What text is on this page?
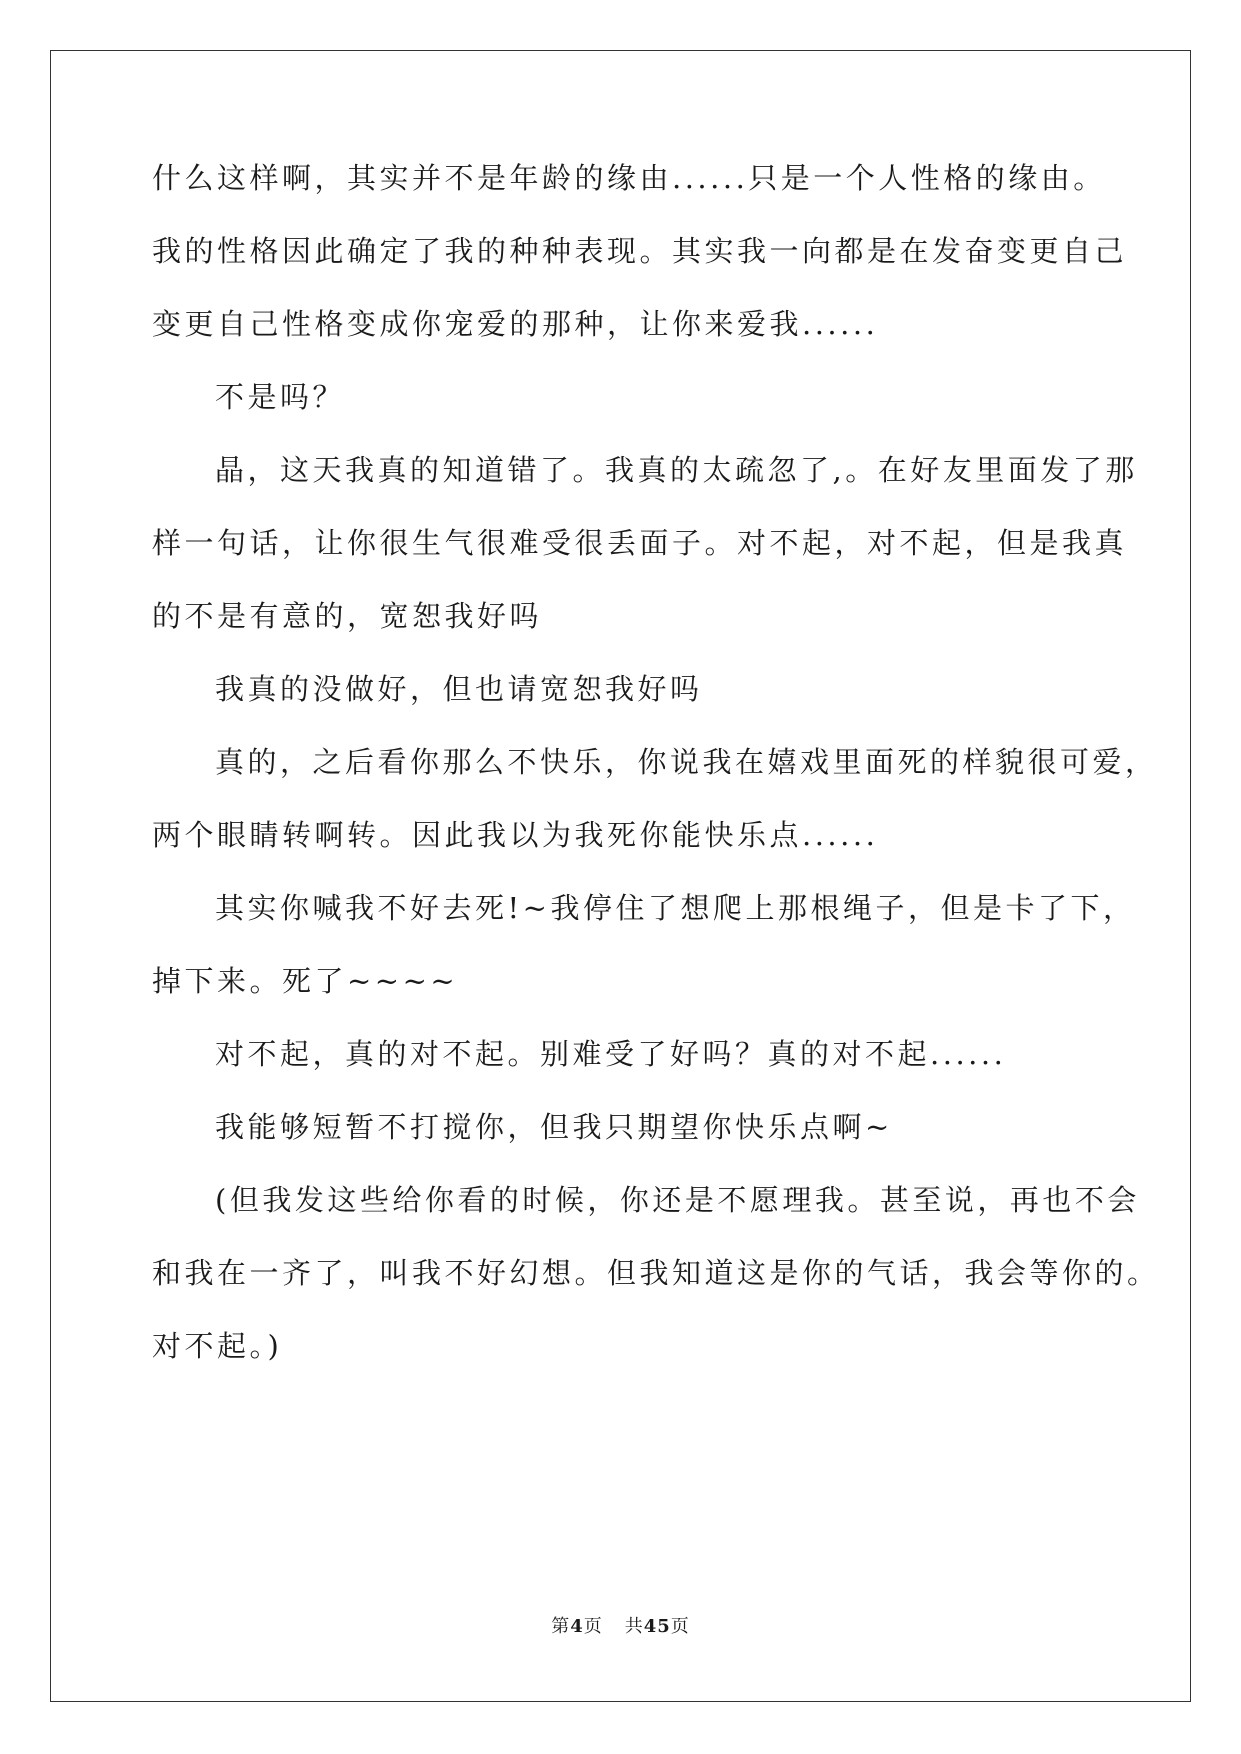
什么这样啊，其实并不是年龄的缘由......只是一个人性格的缘由。
我的性格因此确定了我的种种表现。其实我一向都是在发奋变更自己
变更自己性格变成你宠爱的那种，让你来爱我......
不是吗？
晶，这天我真的知道错了。我真的太疏忽了,。在好友里面发了那
样一句话，让你很生气很难受很丢面子。对不起，对不起，但是我真
的不是有意的，宽恕我好吗
我真的没做好，但也请宽恕我好吗
真的，之后看你那么不快乐，你说我在嬉戏里面死的样貌很可爱，
两个眼睛转啊转。因此我以为我死你能快乐点......
其实你喊我不好去死!~我停住了想爬上那根绳子，但是卡了下，
掉下来。死了~~~~
对不起，真的对不起。别难受了好吗？真的对不起......
我能够短暂不打搅你，但我只期望你快乐点啊~
(但我发这些给你看的时候，你还是不愿理我。甚至说，再也不会
和我在一齐了，叫我不好幻想。但我知道这是你的气话，我会等你的。
对不起。)
第4页 共45页
